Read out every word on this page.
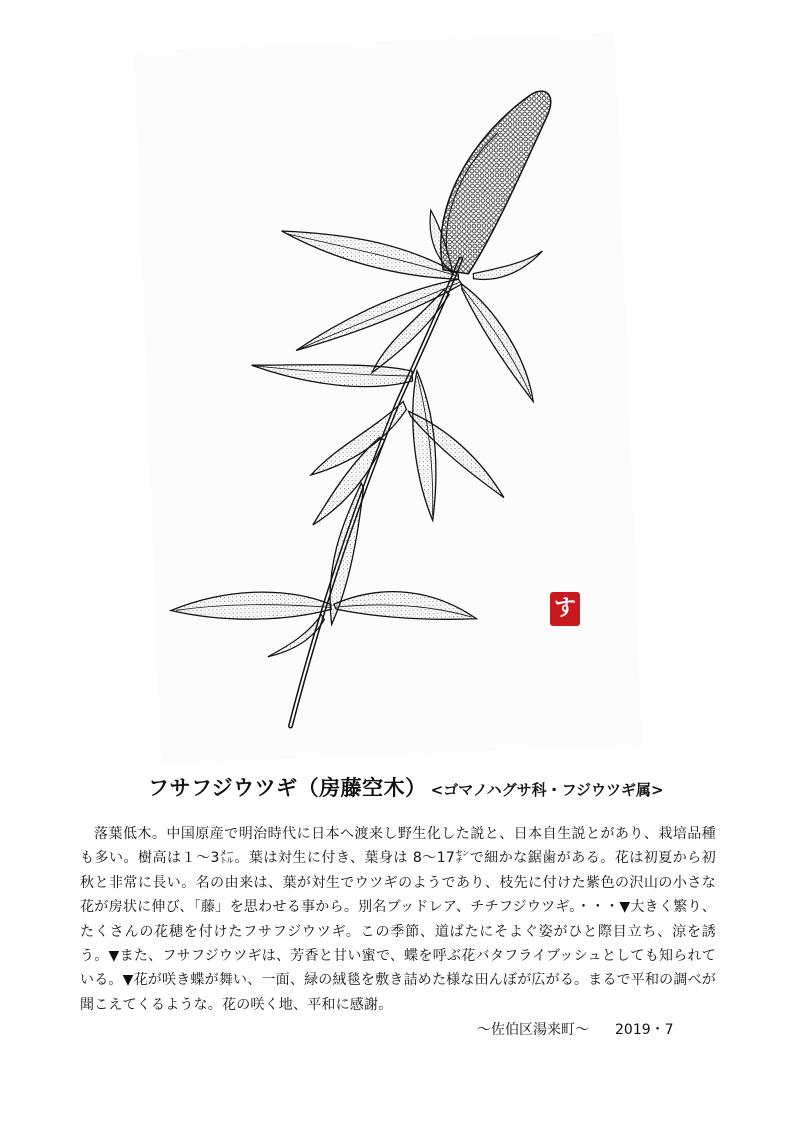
す
フサフジウツギ（房藤空木） <ゴマノハグサ科・フジウツギ属>

落葉低木。中国原産で明治時代に日本へ渡来し野生化した説と、日本自生説とがあり、栽培品種も多い。樹高は１～3㍍。葉は対生に付き、葉身は 8～17㌢で細かな鋸歯がある。花は初夏から初秋と非常に長い。名の由来は、葉が対生でウツギのようであり、枝先に付けた紫色の沢山の小さな花が房状に伸び、「藤」を思わせる事から。別名ブッドレア、チチフジウツギ。・・・▼大きく繁り、たくさんの花穂を付けたフサフジウツギ。この季節、道ばたにそよぐ姿がひと際目立ち、涼を誘う。▼また、フサフジウツギは、芳香と甘い蜜で、蝶を呼ぶ花バタフライブッシュとしても知られている。▼花が咲き蝶が舞い、一面、緑の絨毯を敷き詰めた様な田んぼが広がる。まるで平和の調べが聞こえてくるような。花の咲く地、平和に感謝。

～佐伯区湯来町～ 2019・7
